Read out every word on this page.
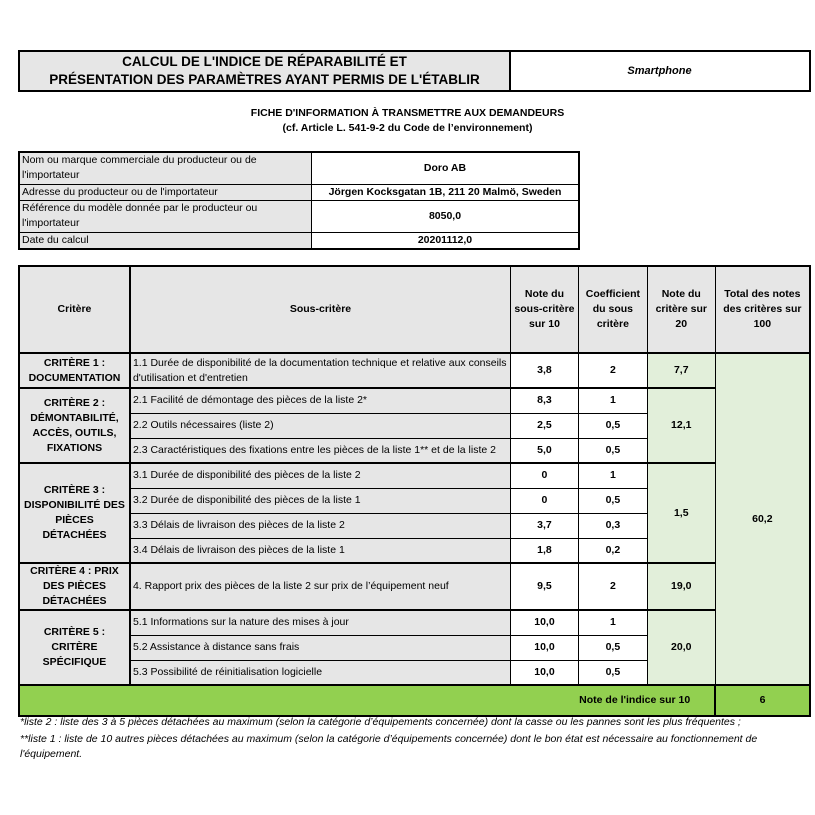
CALCUL DE L'INDICE DE RÉPARABILITÉ ET
PRÉSENTATION DES PARAMÈTRES AYANT PERMIS DE L'ÉTABLIR
Smartphone
FICHE D'INFORMATION À TRANSMETTRE AUX DEMANDEURS
(cf. Article L. 541-9-2 du Code de l’environnement)
Nom ou marque commerciale du producteur ou de l'importateur	Doro AB
Adresse du producteur ou de l'importateur	Jörgen Kocksgatan 1B, 211 20 Malmö, Sweden
Référence du modèle donnée par le producteur ou l'importateur	8050,0
Date du calcul	20201112,0
Critère	Sous-critère	Note du sous-critère sur 10	Coefficient du sous critère	Note du critère sur 20	Total des notes des critères sur 100
CRITÈRE 1 : DOCUMENTATION	1.1 Durée de disponibilité de la documentation technique et relative aux conseils d'utilisation et d'entretien	3,8	2	7,7	60,2
CRITÈRE 2 : DÉMONTABILITÉ, ACCÈS, OUTILS, FIXATIONS	2.1 Facilité de démontage des pièces de la liste 2*	8,3	1	12,1	
	2.2 Outils nécessaires (liste 2)	2,5	0,5		
	2.3 Caractéristiques des fixations entre les pièces de la liste 1** et de la liste 2	5,0	0,5		
CRITÈRE 3 : DISPONIBILITÉ DES PIÈCES DÉTACHÉES	3.1 Durée de disponibilité des pièces de la liste 2	0	1	1,5	
	3.2 Durée de disponibilité des pièces de la liste 1	0	0,5		
	3.3 Délais de livraison des pièces de la liste 2	3,7	0,3		
	3.4 Délais de livraison des pièces de la liste 1	1,8	0,2		
CRITÈRE 4 : PRIX DES PIÈCES DÉTACHÉES	4. Rapport prix des pièces de la liste 2 sur prix de l’équipement neuf	9,5	2	19,0	
CRITÈRE 5 : CRITÈRE SPÉCIFIQUE	5.1 Informations sur la nature des mises à jour	10,0	1	20,0	
	5.2 Assistance à distance sans frais	10,0	0,5		
	5.3 Possibilité de réinitialisation logicielle	10,0	0,5		
Note de l'indice sur 10					6
*liste 2 : liste des 3 à 5 pièces détachées au maximum (selon la catégorie d’équipements concernée) dont la casse ou les pannes sont les plus fréquentes ;
**liste 1 : liste de 10 autres pièces détachées au maximum (selon la catégorie d’équipements concernée) dont le bon état est nécessaire au fonctionnement de l'équipement.
